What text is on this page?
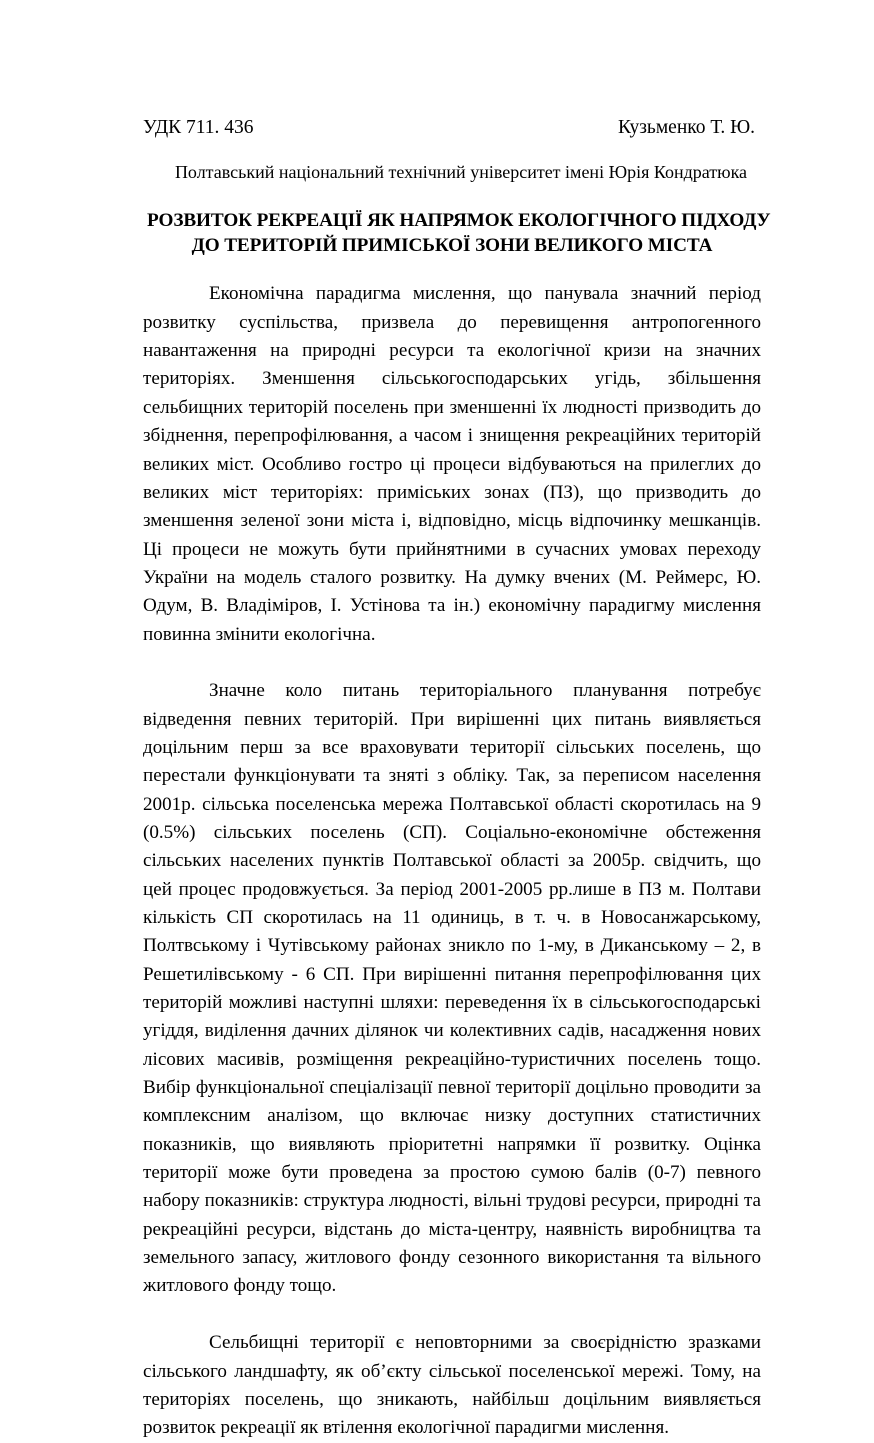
УДК 711. 436	Кузьменко Т. Ю.
Полтавський національний технічний університет імені Юрія Кондратюка
РОЗВИТОК РЕКРЕАЦІЇ ЯК НАПРЯМОК ЕКОЛОГІЧНОГО ПІДХОДУ
ДО ТЕРИТОРІЙ ПРИМІСЬКОЇ ЗОНИ ВЕЛИКОГО МІСТА

Економічна парадигма мислення, що панувала значний період розвитку суспільства, призвела до перевищення антропогенного навантаження на природні ресурси та екологічної кризи на значних територіях. Зменшення сільськогосподарських угідь, збільшення сельбищних територій поселень при зменшенні їх людності призводить до збіднення, перепрофілювання, а часом і знищення рекреаційних територій великих міст. Особливо гостро ці процеси відбуваються на прилеглих до великих міст територіях: приміських зонах (ПЗ), що призводить до зменшення зеленої зони міста і, відповідно, місць відпочинку мешканців. Ці процеси не можуть бути прийнятними в сучасних умовах переходу України на модель сталого розвитку. На думку вчених (М. Реймерс, Ю. Одум, В. Владіміров, І. Устінова та ін.) економічну парадигму мислення повинна змінити екологічна.

Значне коло питань територіального планування потребує відведення певних територій. При вирішенні цих питань виявляється доцільним перш за все враховувати території сільських поселень, що перестали функціонувати та зняті з обліку. Так, за переписом населення 2001р. сільська поселенська мережа Полтавської області скоротилась на 9 (0.5%) сільських поселень (СП). Соціально-економічне обстеження сільських населених пунктів Полтавської області за 2005р. свідчить, що цей процес продовжується. За період 2001-2005 рр.лише в ПЗ м. Полтави кількість СП скоротилась на 11 одиниць, в т. ч. в Новосанжарському, Полтвському і Чутівському районах зникло по 1-му, в Диканському – 2, в Решетилівському - 6 СП. При вирішенні питання перепрофілювання цих територій можливі наступні шляхи: переведення їх в сільськогосподарські угіддя, виділення дачних ділянок чи колективних садів, насадження нових лісових масивів, розміщення рекреаційно-туристичних поселень тощо. Вибір функціональної спеціалізації певної території доцільно проводити за комплексним аналізом, що включає низку доступних статистичних показників, що виявляють пріоритетні напрямки її розвитку. Оцінка території може бути проведена за простою сумою балів (0-7) певного набору показників: структура людності, вільні трудові ресурси, природні та рекреаційні ресурси, відстань до міста-центру, наявність виробництва та земельного запасу, житлового фонду сезонного використання та вільного житлового фонду тощо.

Сельбищні території є неповторними за своєрідністю зразками сільського ландшафту, як об’єкту сільської поселенської мережі. Тому, на територіях поселень, що зникають, найбільш доцільним виявляється розвиток рекреації як втілення екологічної парадигми мислення.
